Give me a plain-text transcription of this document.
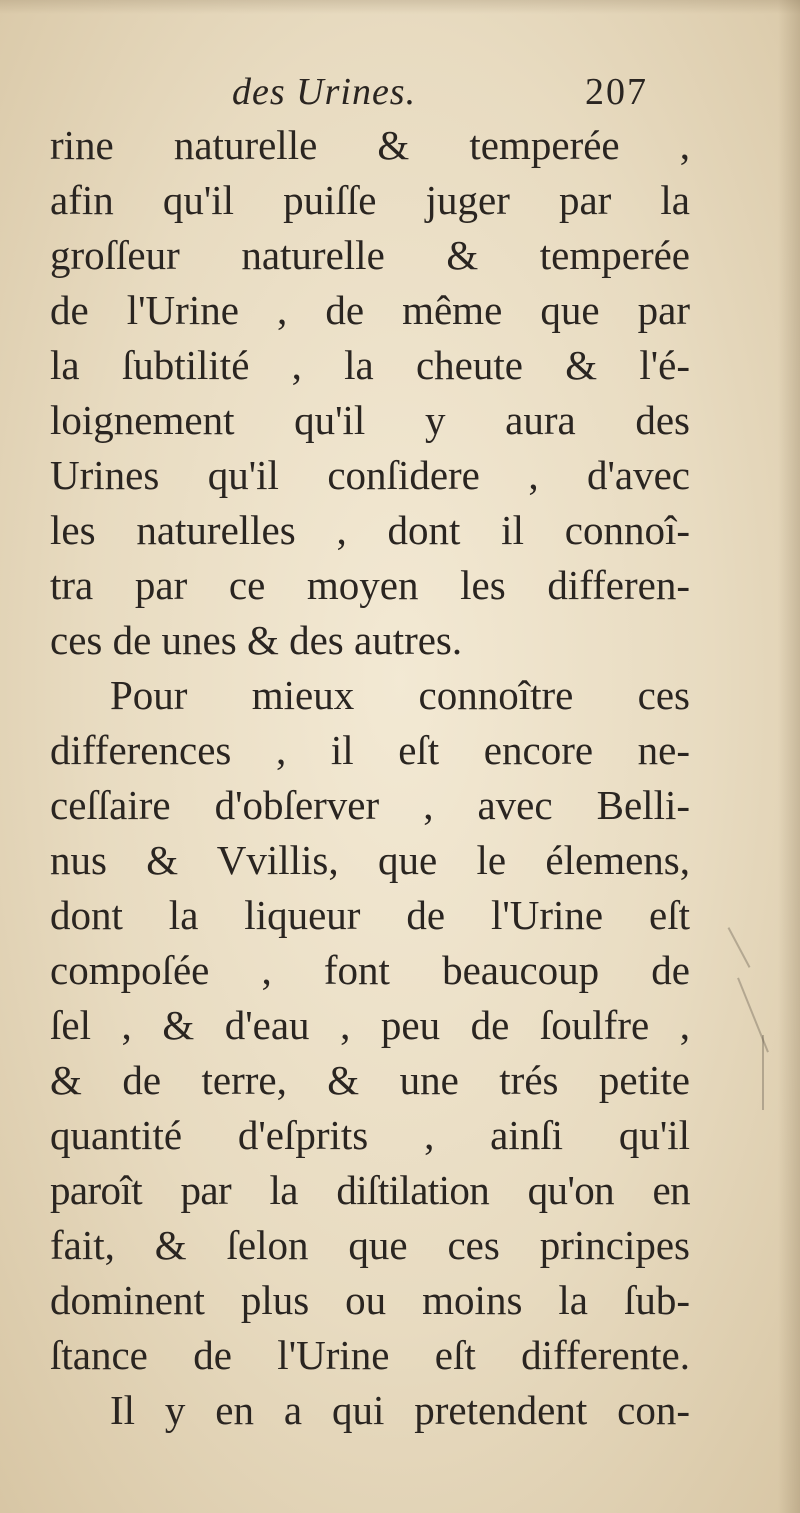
des Urines.	207
rine naturelle & temperée ,
afin qu'il puiſſe juger par la
groſſeur naturelle & temperée
de l'Urine , de même que par
la ſubtilité , la cheute & l'é-
loignement qu'il y aura des
Urines qu'il conſidere , d'avec
les naturelles , dont il connoî-
tra par ce moyen les differen-
ces de unes & des autres.
Pour mieux connoître ces
differences , il eſt encore ne-
ceſſaire d'obſerver , avec Belli-
nus & Vvillis, que le élemens,
dont la liqueur de l'Urine eſt
compoſée , font beaucoup de
ſel , & d'eau , peu de ſoulfre ,
& de terre, & une trés petite
quantité d'eſprits , ainſi qu'il
paroît par la diſtilation qu'on en
fait, & ſelon que ces principes
dominent plus ou moins la ſub-
ſtance de l'Urine eſt differente.
Il y en a qui pretendent con-
